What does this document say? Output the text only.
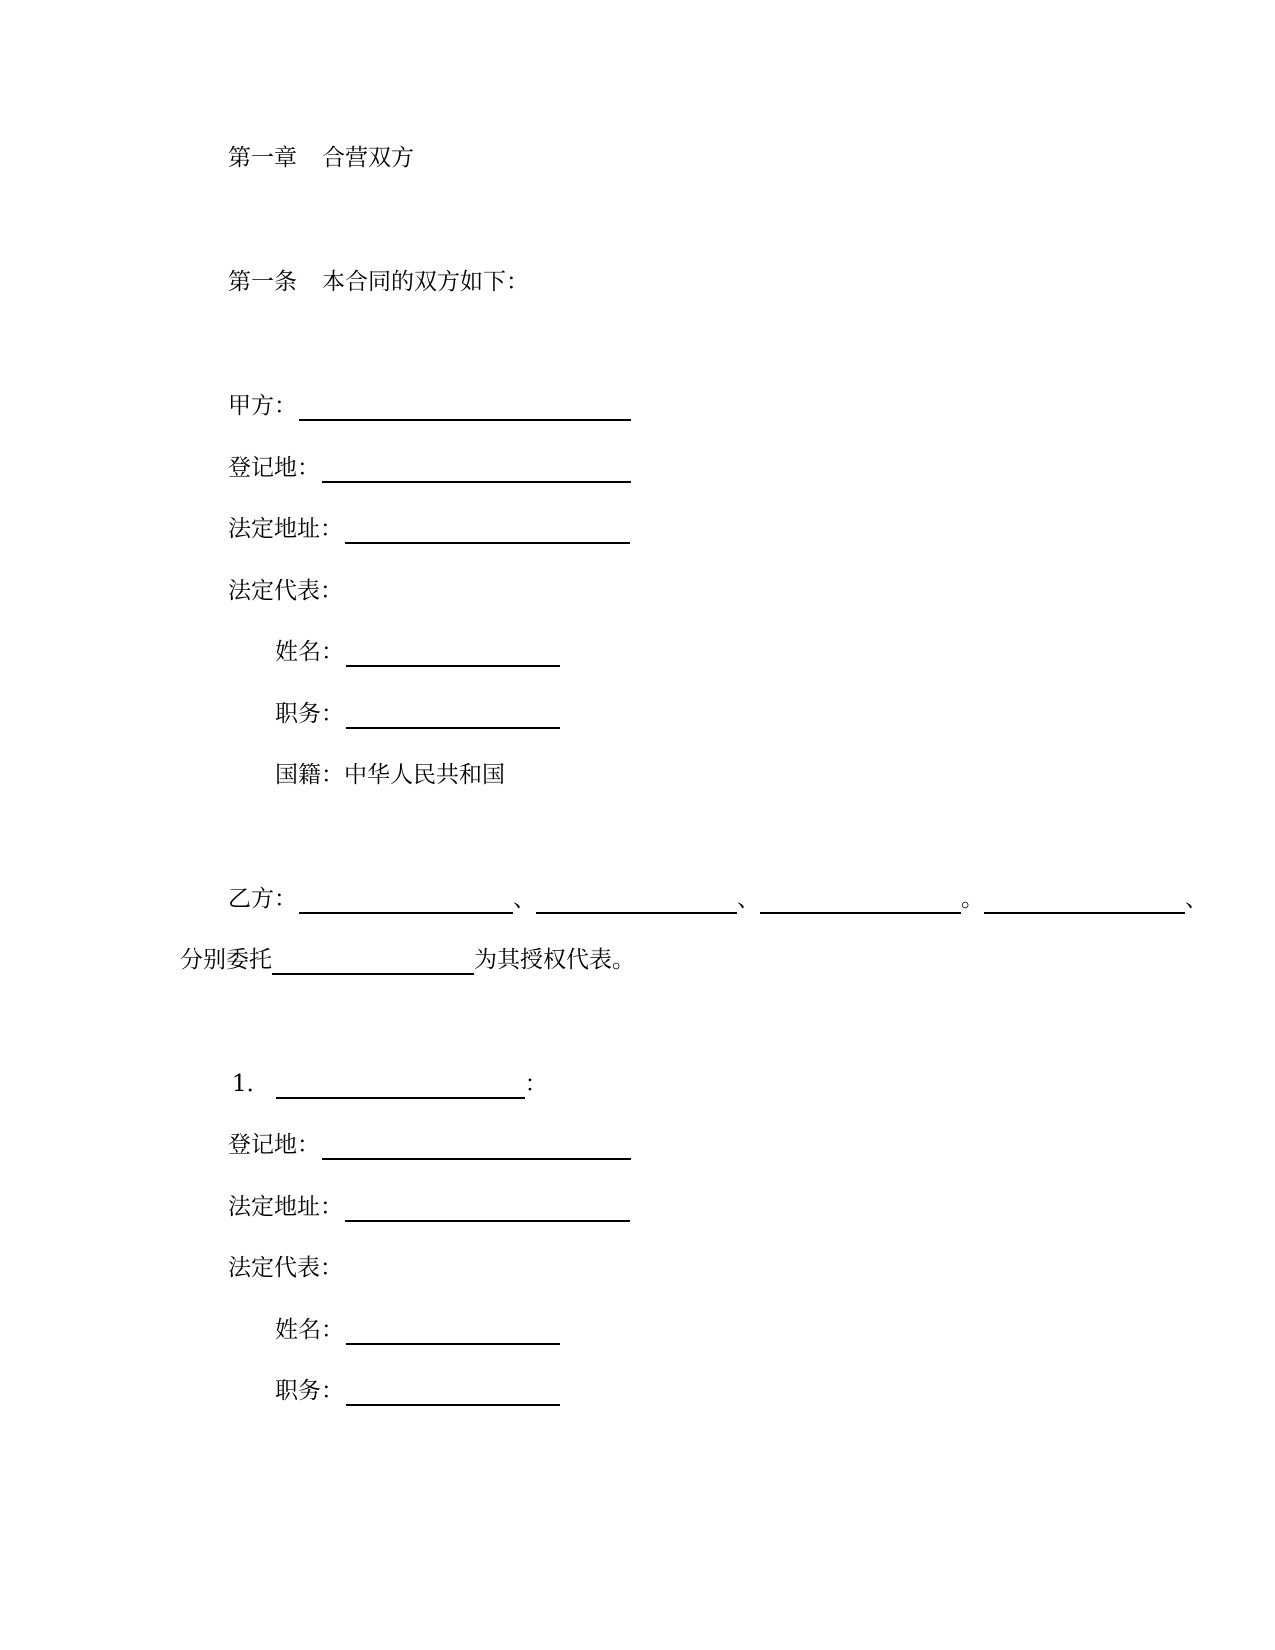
第一章 合营双方
第一条 本合同的双方如下：
甲方：
登记地：
法定地址：
法定代表：
姓名：
职务：
国籍：中华人民共和国
乙方：	、	、	。	、
分别委托	为其授权代表。
1．	：
登记地：
法定地址：
法定代表：
姓名：
职务：
